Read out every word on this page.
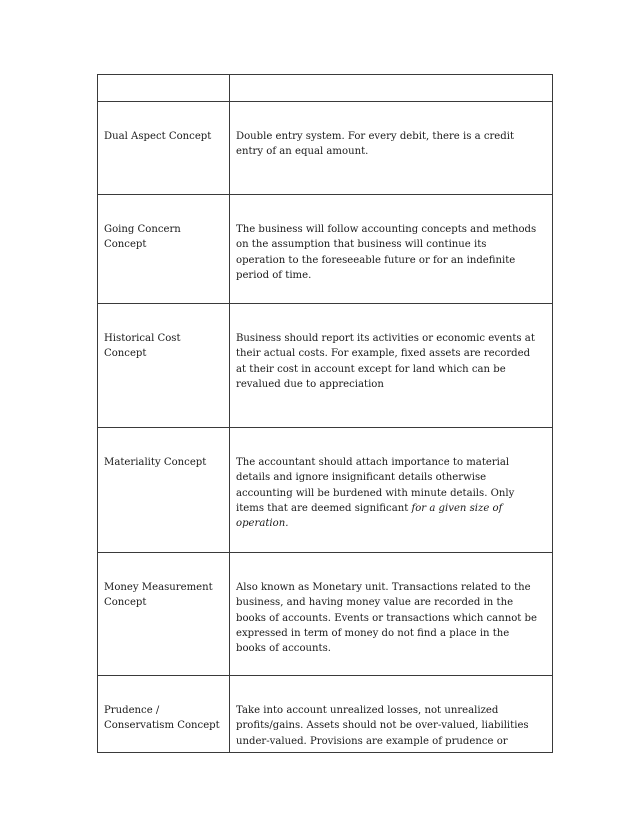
Dual Aspect Concept	Double entry system. For every debit, there is a credit entry of an equal amount.

Going Concern Concept	The business will follow accounting concepts and methods on the assumption that business will continue its operation to the foreseeable future or for an indefinite period of time.

Historical Cost Concept	Business should report its activities or economic events at their actual costs. For example, fixed assets are recorded at their cost in account except for land which can be revalued due to appreciation

Materiality Concept	The accountant should attach importance to material details and ignore insignificant details otherwise accounting will be burdened with minute details. Only items that are deemed significant for a given size of operation.

Money Measurement Concept	Also known as Monetary unit. Transactions related to the business, and having money value are recorded in the books of accounts. Events or transactions which cannot be expressed in term of money do not find a place in the books of accounts.

Prudence / Conservatism Concept	Take into account unrealized losses, not unrealized profits/gains. Assets should not be over-valued, liabilities under-valued. Provisions are example of prudence or
